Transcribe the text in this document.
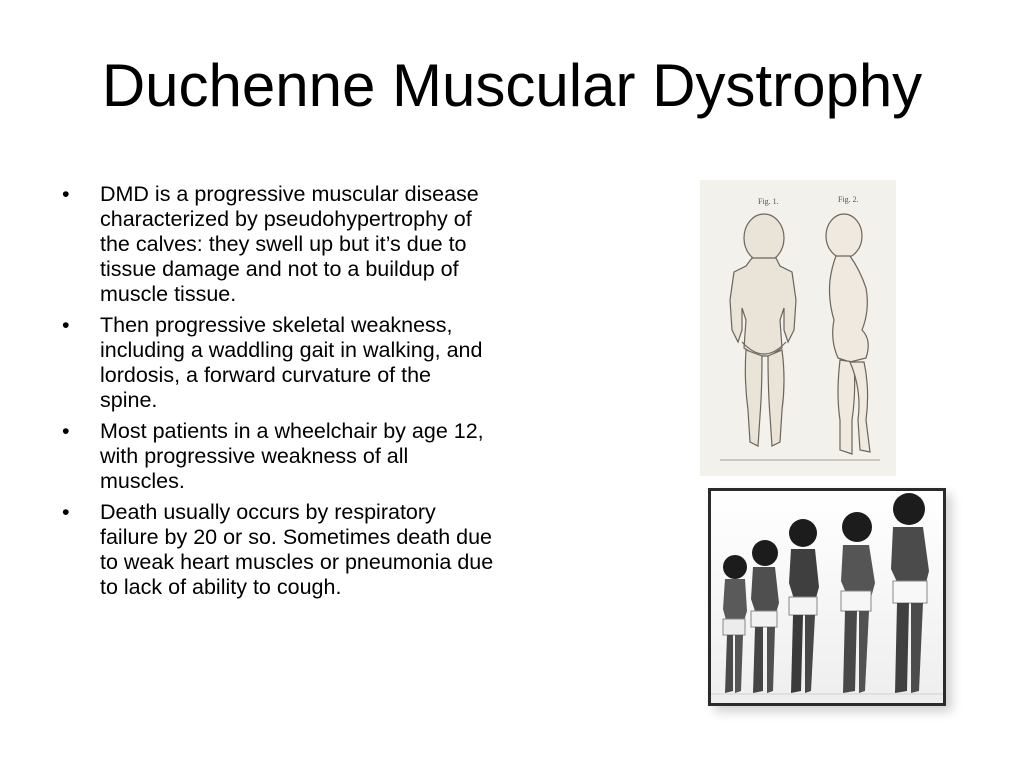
Duchenne Muscular Dystrophy
•	DMD is a progressive muscular disease characterized by pseudohypertrophy of the calves: they swell up but it’s due to tissue damage and not to a buildup of muscle tissue.
•	Then progressive skeletal weakness, including a waddling gait in walking, and lordosis, a forward curvature of the spine.
•	Most patients in a wheelchair by age 12, with progressive weakness of all muscles.
•	Death usually occurs by respiratory failure by 20 or so. Sometimes death due to weak heart muscles or pneumonia due to lack of ability to cough.
Fig. 1.	Fig. 2.
